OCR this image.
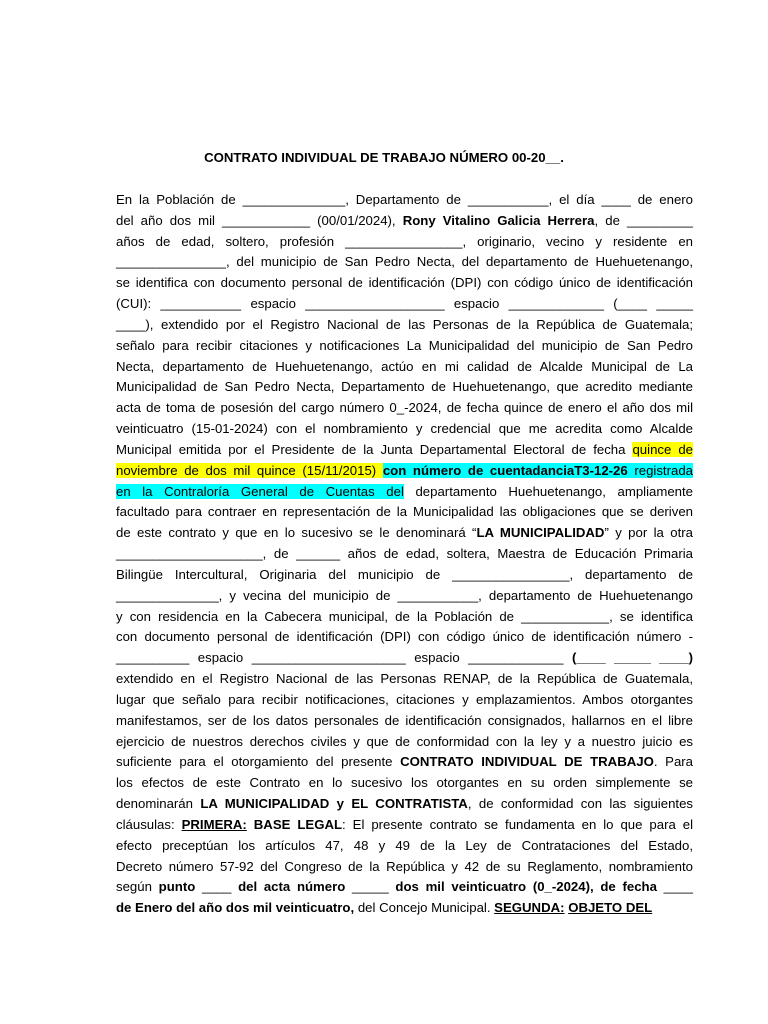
CONTRATO INDIVIDUAL DE TRABAJO NÚMERO 00-20__.
En la Población de ______________, Departamento de ___________, el día ____ de enero
del año dos mil ____________ (00/01/2024), Rony Vitalino Galicia Herrera, de _________
años de edad, soltero, profesión ________________, originario, vecino y residente en
_______________, del municipio de San Pedro Necta, del departamento de Huehuetenango,
se identifica con documento personal de identificación (DPI) con código único de identificación
(CUI): ___________ espacio ___________________ espacio _____________ (____ _____
____), extendido por el Registro Nacional de las Personas de la República de Guatemala;
señalo para recibir citaciones y notificaciones La Municipalidad del municipio de San Pedro
Necta, departamento de Huehuetenango, actúo en mi calidad de Alcalde Municipal de La
Municipalidad de San Pedro Necta, Departamento de Huehuetenango, que acredito mediante
acta de toma de posesión del cargo número 0_-2024, de fecha quince de enero el año dos mil
veinticuatro (15-01-2024) con el nombramiento y credencial que me acredita como Alcalde
Municipal emitida por el Presidente de la Junta Departamental Electoral de fecha quince de
noviembre de dos mil quince (15/11/2015) con número de cuentadanciaT3-12-26 registrada
en la Contraloría General de Cuentas del departamento Huehuetenango, ampliamente
facultado para contraer en representación de la Municipalidad las obligaciones que se deriven
de este contrato y que en lo sucesivo se le denominará “LA MUNICIPALIDAD” y por la otra
____________________, de ______ años de edad, soltera, Maestra de Educación Primaria
Bilingüe Intercultural, Originaria del municipio de ________________, departamento de
______________, y vecina del municipio de ___________, departamento de Huehuetenango
y con residencia en la Cabecera municipal, de la Población de ____________, se identifica
con documento personal de identificación (DPI) con código único de identificación número -
__________ espacio _____________________ espacio _____________ (____ _____ ____)
extendido en el Registro Nacional de las Personas RENAP, de la República de Guatemala,
lugar que señalo para recibir notificaciones, citaciones y emplazamientos. Ambos otorgantes
manifestamos, ser de los datos personales de identificación consignados, hallarnos en el libre
ejercicio de nuestros derechos civiles y que de conformidad con la ley y a nuestro juicio es
suficiente para el otorgamiento del presente CONTRATO INDIVIDUAL DE TRABAJO. Para
los efectos de este Contrato en lo sucesivo los otorgantes en su orden simplemente se
denominarán LA MUNICIPALIDAD y EL CONTRATISTA, de conformidad con las siguientes
cláusulas: PRIMERA: BASE LEGAL: El presente contrato se fundamenta en lo que para el
efecto preceptúan los artículos 47, 48 y 49 de la Ley de Contrataciones del Estado,
Decreto número 57-92 del Congreso de la República y 42 de su Reglamento, nombramiento
según punto ____ del acta número _____ dos mil veinticuatro (0_-2024), de fecha ____
de Enero del año dos mil veinticuatro, del Concejo Municipal. SEGUNDA: OBJETO DEL
